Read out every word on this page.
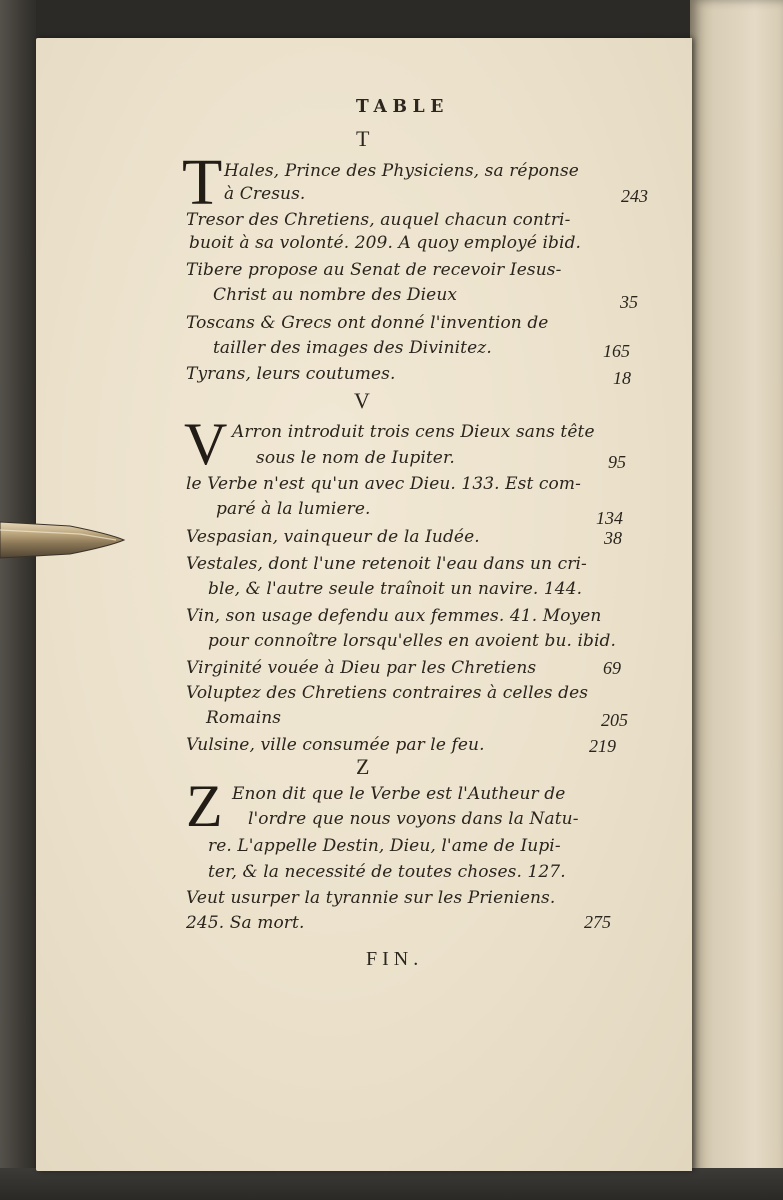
TABLE
T
T Hales, Prince des Physiciens, sa réponse
à Cresus.	243
Tresor des Chretiens, auquel chacun contri-
buoit à sa volonté. 209. A quoy employé ibid.
Tibere propose au Senat de recevoir Iesus-
Christ au nombre des Dieux	35
Toscans & Grecs ont donné l'invention de
tailler des images des Divinitez.	165
Tyrans, leurs coutumes.	18
V
V Arron introduit trois cens Dieux sans tête
sous le nom de Iupiter.	95
le Verbe n'est qu'un avec Dieu. 133. Est com-
paré à la lumiere.	134
Vespasian, vainqueur de la Iudée.	38
Vestales, dont l'une retenoit l'eau dans un cri-
ble, & l'autre seule traînoit un navire. 144.
Vin, son usage defendu aux femmes. 41. Moyen
pour connoître lorsqu'elles en avoient bu. ibid.
Virginité vouée à Dieu par les Chretiens	69
Voluptez des Chretiens contraires à celles des
Romains	205
Vulsine, ville consumée par le feu.	219
Z
Z Enon dit que le Verbe est l'Autheur de
l'ordre que nous voyons dans la Natu-
re. L'appelle Destin, Dieu, l'ame de Iupi-
ter, & la necessité de toutes choses. 127.
Veut usurper la tyrannie sur les Prieniens.
245. Sa mort.	275
FIN.
